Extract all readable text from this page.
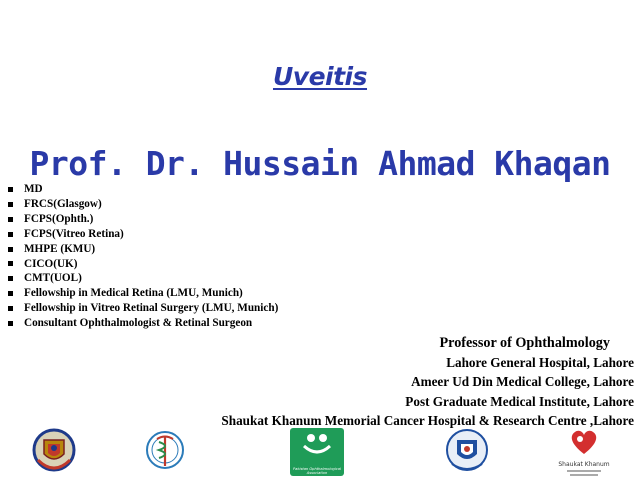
Uveitis
Prof. Dr. Hussain Ahmad Khaqan
MD
FRCS(Glasgow)
FCPS(Ophth.)
FCPS(Vitreo Retina)
MHPE (KMU)
CICO(UK)
CMT(UOL)
Fellowship in Medical Retina (LMU, Munich)
Fellowship in Vitreo Retinal Surgery (LMU, Munich)
Consultant Ophthalmologist & Retinal Surgeon
Professor of Ophthalmology
Lahore General Hospital, Lahore
Ameer Ud Din Medical College, Lahore
Post Graduate Medical Institute, Lahore
Shaukat Khanum Memorial Cancer Hospital & Research Centre ,Lahore
Pakistan Ophthalmological Association
Shaukat Khanum
